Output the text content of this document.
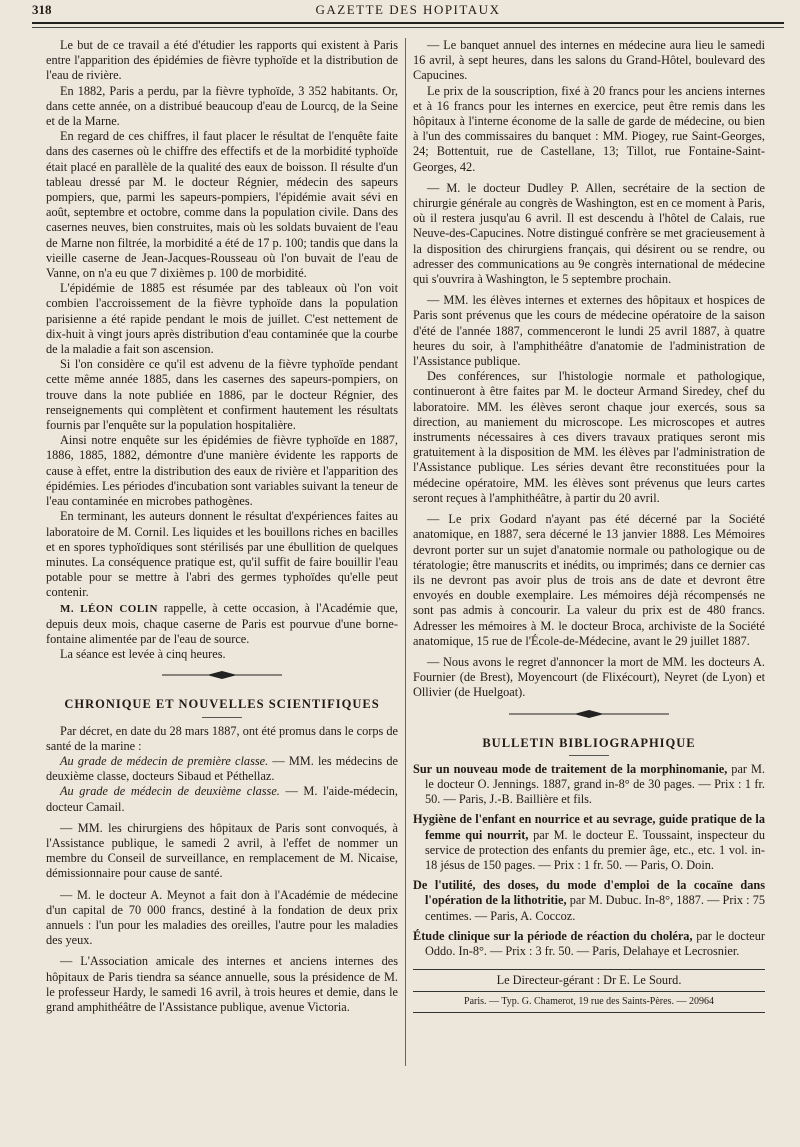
318	GAZETTE DES HOPITAUX

Le but de ce travail a été d'étudier les rapports qui existent à Paris entre l'apparition des épidémies de fièvre typhoïde et la distribution de l'eau de rivière.

En 1882, Paris a perdu, par la fièvre typhoïde, 3 352 habitants. Or, dans cette année, on a distribué beaucoup d'eau de Lourcq, de la Seine et de la Marne.

En regard de ces chiffres, il faut placer le résultat de l'enquête faite dans des casernes où le chiffre des effectifs et de la morbidité typhoïde était placé en parallèle de la qualité des eaux de boisson. Il résulte d'un tableau dressé par M. le docteur Régnier, médecin des sapeurs pompiers, que, parmi les sapeurs-pompiers, l'épidémie avait sévi en août, septembre et octobre, comme dans la population civile. Dans des casernes neuves, bien construites, mais où les soldats buvaient de l'eau de Marne non filtrée, la morbidité a été de 17 p. 100; tandis que dans la vieille caserne de Jean-Jacques-Rousseau où l'on buvait de l'eau de Vanne, on n'a eu que 7 dixièmes p. 100 de morbidité.

L'épidémie de 1885 est résumée par des tableaux où l'on voit combien l'accroissement de la fièvre typhoïde dans la population parisienne a été rapide pendant le mois de juillet. C'est nettement de dix-huit à vingt jours après distribution d'eau contaminée que la courbe de la maladie a fait son ascension.

Si l'on considère ce qu'il est advenu de la fièvre typhoïde pendant cette même année 1885, dans les casernes des sapeurs-pompiers, on trouve dans la note publiée en 1886, par le docteur Régnier, des renseignements qui complètent et confirment hautement les résultats fournis par l'enquête sur la population hospitalière.

Ainsi notre enquête sur les épidémies de fièvre typhoïde en 1887, 1886, 1885, 1882, démontre d'une manière évidente les rapports de cause à effet, entre la distribution des eaux de rivière et l'apparition des épidémies. Les périodes d'incubation sont variables suivant la teneur de l'eau contaminée en microbes pathogènes.

En terminant, les auteurs donnent le résultat d'expériences faites au laboratoire de M. Cornil. Les liquides et les bouillons riches en bacilles et en spores typhoïdiques sont stérilisés par une ébullition de quelques minutes. La conséquence pratique est, qu'il suffit de faire bouillir l'eau potable pour se mettre à l'abri des germes typhoïdes qu'elle peut contenir.

M. LÉON COLIN rappelle, à cette occasion, à l'Académie que, depuis deux mois, chaque caserne de Paris est pourvue d'une borne-fontaine alimentée par de l'eau de source.

La séance est levée à cinq heures.

CHRONIQUE ET NOUVELLES SCIENTIFIQUES

Par décret, en date du 28 mars 1887, ont été promus dans le corps de santé de la marine :

Au grade de médecin de première classe. — MM. les médecins de deuxième classe, docteurs Sibaud et Péthellaz.

Au grade de médecin de deuxième classe. — M. l'aide-médecin, docteur Camail.

— MM. les chirurgiens des hôpitaux de Paris sont convoqués, à l'Assistance publique, le samedi 2 avril, à l'effet de nommer un membre du Conseil de surveillance, en remplacement de M. Nicaise, démissionnaire pour cause de santé.

— M. le docteur A. Meynot a fait don à l'Académie de médecine d'un capital de 70 000 francs, destiné à la fondation de deux prix annuels : l'un pour les maladies des oreilles, l'autre pour les maladies des yeux.

— L'Association amicale des internes et anciens internes des hôpitaux de Paris tiendra sa séance annuelle, sous la présidence de M. le professeur Hardy, le samedi 16 avril, à trois heures et demie, dans le grand amphithéâtre de l'Assistance publique, avenue Victoria.

— Le banquet annuel des internes en médecine aura lieu le samedi 16 avril, à sept heures, dans les salons du Grand-Hôtel, boulevard des Capucines.

Le prix de la souscription, fixé à 20 francs pour les anciens internes et à 16 francs pour les internes en exercice, peut être remis dans les hôpitaux à l'interne économe de la salle de garde de médecine, ou bien à l'un des commissaires du banquet : MM. Piogey, rue Saint-Georges, 24; Bottentuit, rue de Castellane, 13; Tillot, rue Fontaine-Saint-Georges, 42.

— M. le docteur Dudley P. Allen, secrétaire de la section de chirurgie générale au congrès de Washington, est en ce moment à Paris, où il restera jusqu'au 6 avril. Il est descendu à l'hôtel de Calais, rue Neuve-des-Capucines. Notre distingué confrère se met gracieusement à la disposition des chirurgiens français, qui désirent ou se rendre, ou adresser des communications au 9e congrès international de médecine qui s'ouvrira à Washington, le 5 septembre prochain.

— MM. les élèves internes et externes des hôpitaux et hospices de Paris sont prévenus que les cours de médecine opératoire de la saison d'été de l'année 1887, commenceront le lundi 25 avril 1887, à quatre heures du soir, à l'amphithéâtre d'anatomie de l'administration de l'Assistance publique.

Des conférences, sur l'histologie normale et pathologique, continueront à être faites par M. le docteur Armand Siredey, chef du laboratoire. MM. les élèves seront chaque jour exercés, sous sa direction, au maniement du microscope. Les microscopes et autres instruments nécessaires à ces divers travaux pratiques seront mis gratuitement à la disposition de MM. les élèves par l'administration de l'Assistance publique. Les séries devant être reconstituées pour la médecine opératoire, MM. les élèves sont prévenus que leurs cartes seront reçues à l'amphithéâtre, à partir du 20 avril.

— Le prix Godard n'ayant pas été décerné par la Société anatomique, en 1887, sera décerné le 13 janvier 1888. Les Mémoires devront porter sur un sujet d'anatomie normale ou pathologique ou de tératologie; être manuscrits et inédits, ou imprimés; dans ce dernier cas ils ne devront pas avoir plus de trois ans de date et devront être envoyés en double exemplaire. Les mémoires déjà récompensés ne sont pas admis à concourir. La valeur du prix est de 480 francs. Adresser les mémoires à M. le docteur Broca, archiviste de la Société anatomique, 15 rue de l'École-de-Médecine, avant le 29 juillet 1887.

— Nous avons le regret d'annoncer la mort de MM. les docteurs A. Fournier (de Brest), Moyencourt (de Flixécourt), Neyret (de Lyon) et Ollivier (de Huelgoat).

BULLETIN BIBLIOGRAPHIQUE

Sur un nouveau mode de traitement de la morphinomanie, par M. le docteur O. Jennings. 1887, grand in-8° de 30 pages. — Prix : 1 fr. 50. — Paris, J.-B. Baillière et fils.

Hygiène de l'enfant en nourrice et au sevrage, guide pratique de la femme qui nourrit, par M. le docteur E. Toussaint, inspecteur du service de protection des enfants du premier âge, etc., etc. 1 vol. in-18 jésus de 150 pages. — Prix : 1 fr. 50. — Paris, O. Doin.

De l'utilité, des doses, du mode d'emploi de la cocaïne dans l'opération de la lithotritie, par M. Dubuc. In-8°, 1887. — Prix : 75 centimes. — Paris, A. Coccoz.

Étude clinique sur la période de réaction du choléra, par le docteur Oddo. In-8°. — Prix : 3 fr. 50. — Paris, Delahaye et Lecrosnier.

Le Directeur-gérant : Dr E. Le Sourd.
Paris. — Typ. G. Chamerot, 19 rue des Saints-Pères. — 20964
